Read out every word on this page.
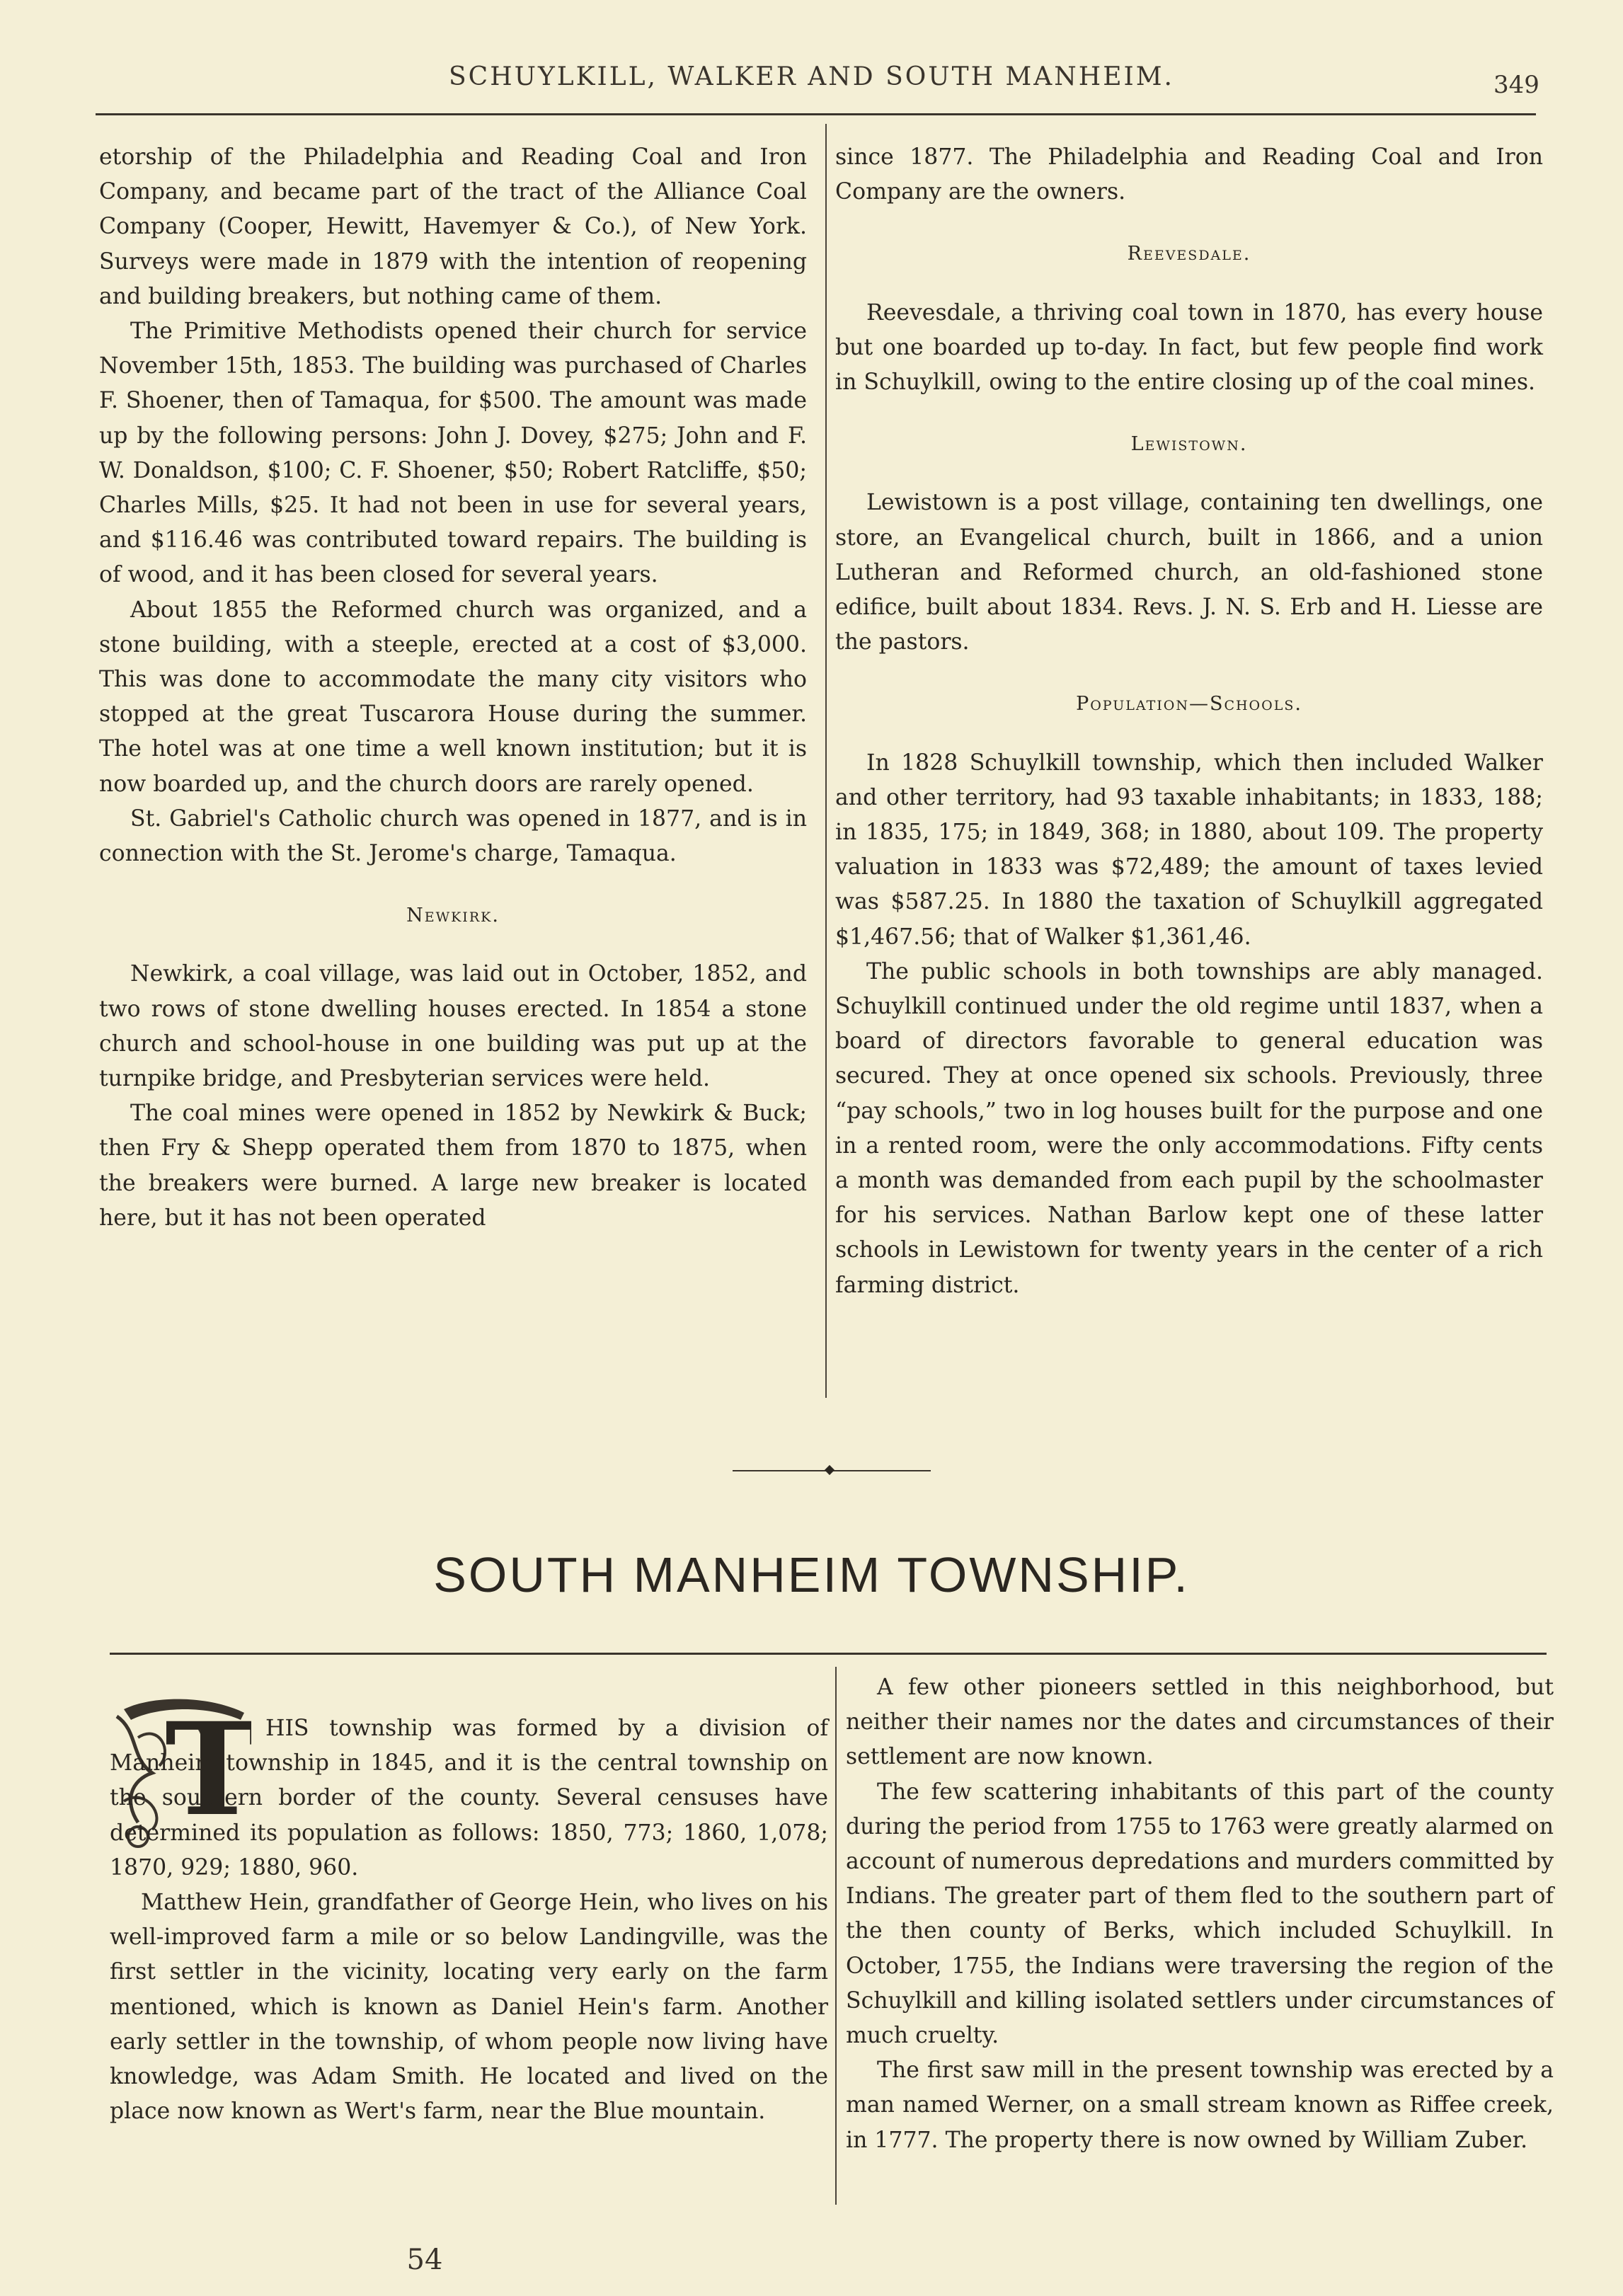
SCHUYLKILL, WALKER AND SOUTH MANHEIM.	349

etorship of the Philadelphia and Reading Coal and Iron Company, and became part of the tract of the Alliance Coal Company (Cooper, Hewitt, Havemyer & Co.), of New York. Surveys were made in 1879 with the intention of reopening and building breakers, but nothing came of them.

The Primitive Methodists opened their church for service November 15th, 1853. The building was purchased of Charles F. Shoener, then of Tamaqua, for $500. The amount was made up by the following persons: John J. Dovey, $275; John and F. W. Donaldson, $100; C. F. Shoener, $50; Robert Ratcliffe, $50; Charles Mills, $25. It had not been in use for several years, and $116.46 was contributed toward repairs. The building is of wood, and it has been closed for several years.

About 1855 the Reformed church was organized, and a stone building, with a steeple, erected at a cost of $3,000. This was done to accommodate the many city visitors who stopped at the great Tuscarora House during the summer. The hotel was at one time a well known institution; but it is now boarded up, and the church doors are rarely opened.

St. Gabriel's Catholic church was opened in 1877, and is in connection with the St. Jerome's charge, Tamaqua.

Newkirk.

Newkirk, a coal village, was laid out in October, 1852, and two rows of stone dwelling houses erected. In 1854 a stone church and school-house in one building was put up at the turnpike bridge, and Presbyterian services were held.

The coal mines were opened in 1852 by Newkirk & Buck; then Fry & Shepp operated them from 1870 to 1875, when the breakers were burned. A large new breaker is located here, but it has not been operated

since 1877. The Philadelphia and Reading Coal and Iron Company are the owners.

Reevesdale.

Reevesdale, a thriving coal town in 1870, has every house but one boarded up to-day. In fact, but few people find work in Schuylkill, owing to the entire closing up of the coal mines.

Lewistown.

Lewistown is a post village, containing ten dwellings, one store, an Evangelical church, built in 1866, and a union Lutheran and Reformed church, an old-fashioned stone edifice, built about 1834. Revs. J. N. S. Erb and H. Liesse are the pastors.

Population—Schools.

In 1828 Schuylkill township, which then included Walker and other territory, had 93 taxable inhabitants; in 1833, 188; in 1835, 175; in 1849, 368; in 1880, about 109. The property valuation in 1833 was $72,489; the amount of taxes levied was $587.25. In 1880 the taxation of Schuylkill aggregated $1,467.56; that of Walker $1,361,46.

The public schools in both townships are ably managed. Schuylkill continued under the old regime until 1837, when a board of directors favorable to general education was secured. They at once opened six schools. Previously, three “pay schools,” two in log houses built for the purpose and one in a rented room, were the only accommodations. Fifty cents a month was demanded from each pupil by the schoolmaster for his services. Nathan Barlow kept one of these latter schools in Lewistown for twenty years in the center of a rich farming district.

SOUTH MANHEIM TOWNSHIP.
T HIS township was formed by a division of Manheim township in 1845, and it is the central township on the southern border of the county. Several censuses have determined its population as follows: 1850, 773; 1860, 1,078; 1870, 929; 1880, 960.

Matthew Hein, grandfather of George Hein, who lives on his well-improved farm a mile or so below Landingville, was the first settler in the vicinity, locating very early on the farm mentioned, which is known as Daniel Hein's farm. Another early settler in the township, of whom people now living have knowledge, was Adam Smith. He located and lived on the place now known as Wert's farm, near the Blue mountain.

A few other pioneers settled in this neighborhood, but neither their names nor the dates and circumstances of their settlement are now known.

The few scattering inhabitants of this part of the county during the period from 1755 to 1763 were greatly alarmed on account of numerous depredations and murders committed by Indians. The greater part of them fled to the southern part of the then county of Berks, which included Schuylkill. In October, 1755, the Indians were traversing the region of the Schuylkill and killing isolated settlers under circumstances of much cruelty.

The first saw mill in the present township was erected by a man named Werner, on a small stream known as Riffee creek, in 1777. The property there is now owned by William Zuber.

54
